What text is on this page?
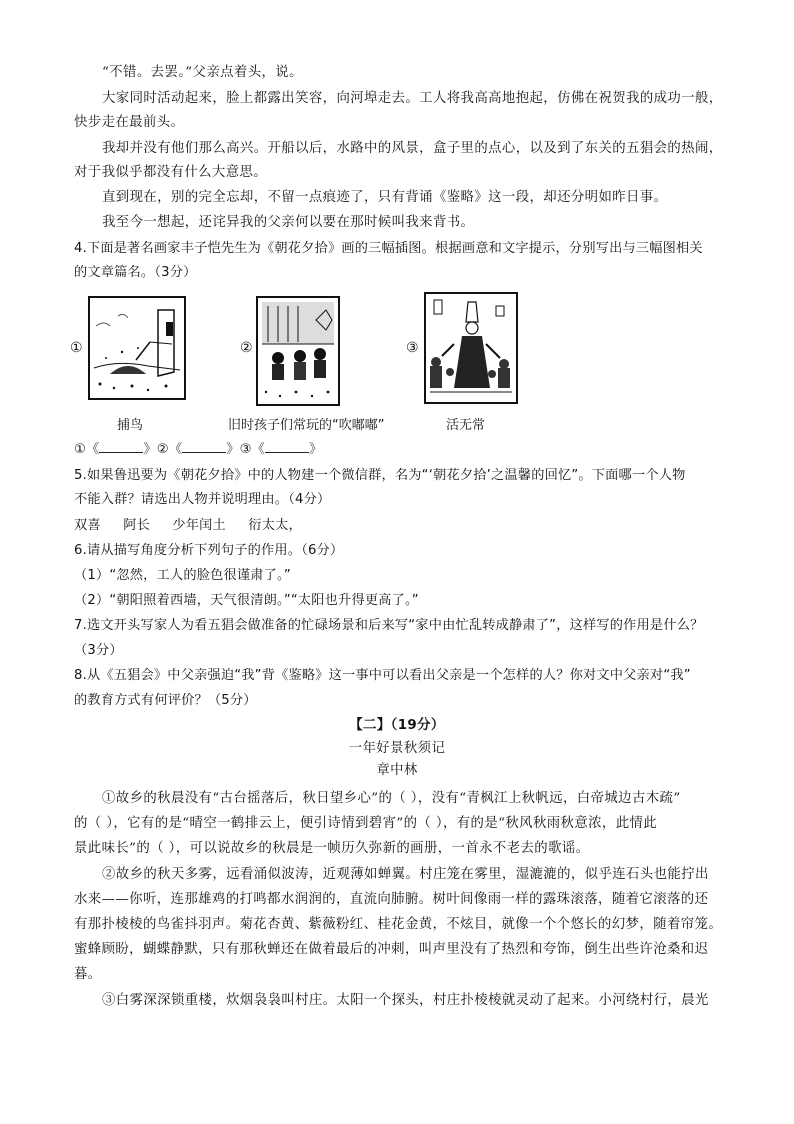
“不错。去罢。”父亲点着头，说。
大家同时活动起来，脸上都露出笑容，向河埠走去。工人将我高高地抱起，仿佛在祝贺我的成功一般，
快步走在最前头。
我却并没有他们那么高兴。开船以后，水路中的风景，盒子里的点心，以及到了东关的五猖会的热闹，
对于我似乎都没有什么大意思。
直到现在，别的完全忘却，不留一点痕迹了，只有背诵《鉴略》这一段，却还分明如昨日事。
我至今一想起，还诧异我的父亲何以要在那时候叫我来背书。
4.下面是著名画家丰子恺先生为《朝花夕拾》画的三幅插图。根据画意和文字提示，分别写出与三幅图相关
的文章篇名。（3分）
①	②	③
捕鸟	旧时孩子们常玩的“吹嘟嘟”	活无常
①《	》②《	》③《	》
5.如果鲁迅要为《朝花夕拾》中的人物建一个微信群，名为“‘朝花夕拾’之温馨的回忆”。下面哪一个人物
不能入群？请选出人物并说明理由。（4分）
双喜 阿长 少年闰土 衍太太，
6.请从描写角度分析下列句子的作用。（6分）
（1）“忽然，工人的脸色很谨肃了。”
（2）“朝阳照着西墙，天气很清朗。”“太阳也升得更高了。”
7.选文开头写家人为看五猖会做准备的忙碌场景和后来写“家中由忙乱转成静肃了”，这样写的作用是什么？
（3分）
8.从《五猖会》中父亲强迫“我”背《鉴略》这一事中可以看出父亲是一个怎样的人？你对文中父亲对“我”
的教育方式有何评价？（5分）
【二】（19分）
一年好景秋须记
章中林
①故乡的秋晨没有“古台摇落后，秋日望乡心”的（ ），没有“青枫江上秋帆远，白帝城边古木疏”
的（ ），它有的是“晴空一鹤排云上，便引诗情到碧宵”的（ ），有的是“秋风秋雨秋意浓，此情此
景此味长”的（ ），可以说故乡的秋晨是一帧历久弥新的画册，一首永不老去的歌谣。
②故乡的秋天多雾，远看涌似波涛，近观薄如蝉翼。村庄笼在雾里，湿漉漉的，似乎连石头也能拧出
水来——你听，连那雄鸡的打鸣都水润润的，直流向肺腑。树叶间像雨一样的露珠滚落，随着它滚落的还
有那扑棱棱的鸟雀抖羽声。菊花杏黄、紫薇粉红、桂花金黄，不炫目，就像一个个悠长的幻梦，随着帘笼。
蜜蜂顾盼，蝴蝶静默，只有那秋蝉还在做着最后的冲刺，叫声里没有了热烈和夸饰，倒生出些许沧桑和迟
暮。
③白雾深深锁重楼，炊烟袅袅叫村庄。太阳一个探头，村庄扑棱棱就灵动了起来。小河绕村行，晨光
